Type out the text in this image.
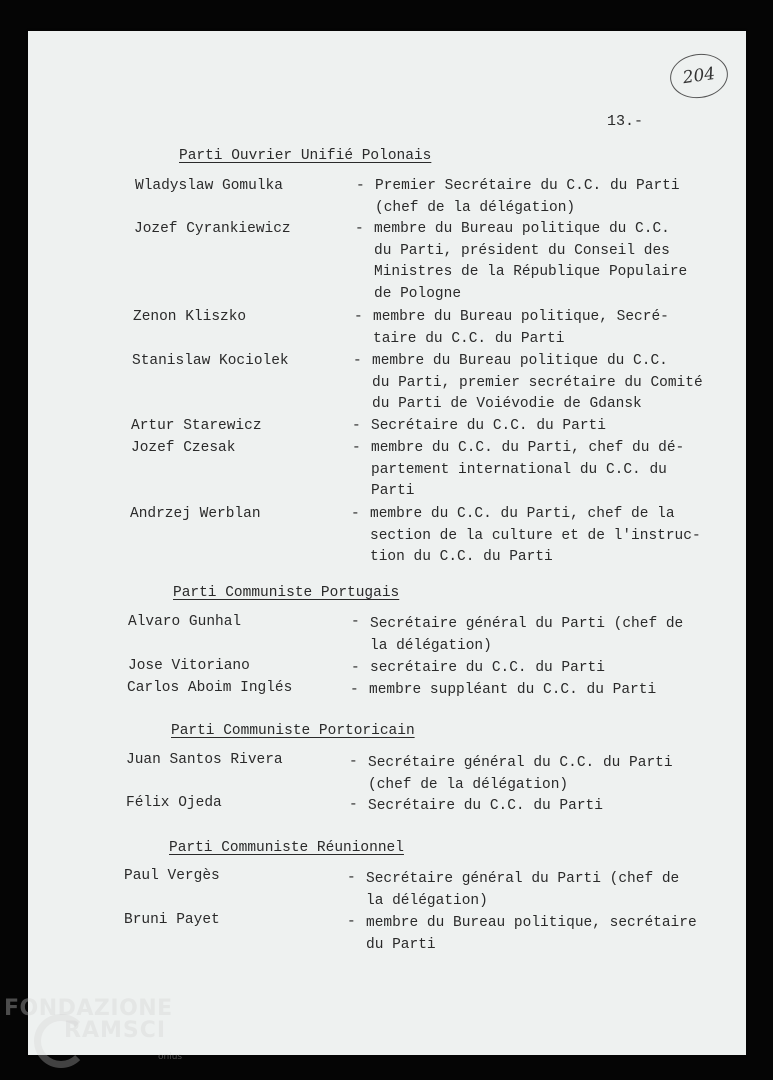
204
13.-
Parti Ouvrier Unifié Polonais
Wladyslaw Gomulka	- Premier Secrétaire du C.C. du Parti
(chef de la délégation)
Jozef Cyrankiewicz	- membre du Bureau politique du C.C.
du Parti, président du Conseil des
Ministres de la République Populaire
de Pologne
Zenon Kliszko	- membre du Bureau politique, Secré-
taire du C.C. du Parti
Stanislaw Kociolek	- membre du Bureau politique du C.C.
du Parti, premier secrétaire du Comité
du Parti de Voiévodie de Gdansk
Artur Starewicz	- Secrétaire du C.C. du Parti
Jozef Czesak	- membre du C.C. du Parti, chef du dé-
partement international du C.C. du
Parti
Andrzej Werblan	- membre du C.C. du Parti, chef de la
section de la culture et de l'instruc-
tion du C.C. du Parti
Parti Communiste Portugais
Alvaro Gunhal	- Secrétaire général du Parti (chef de
la délégation)
Jose Vitoriano	- secrétaire du C.C. du Parti
Carlos Aboim Inglés	- membre suppléant du C.C. du Parti
Parti Communiste Portoricain
Juan Santos Rivera	- Secrétaire général du C.C. du Parti
(chef de la délégation)
Félix Ojeda	- Secrétaire du C.C. du Parti
Parti Communiste Réunionnel
Paul Vergès	- Secrétaire général du Parti (chef de
la délégation)
Bruni Payet	- membre du Bureau politique, secrétaire
du Parti
FONDAZIONE
RAMSCI
onlus
